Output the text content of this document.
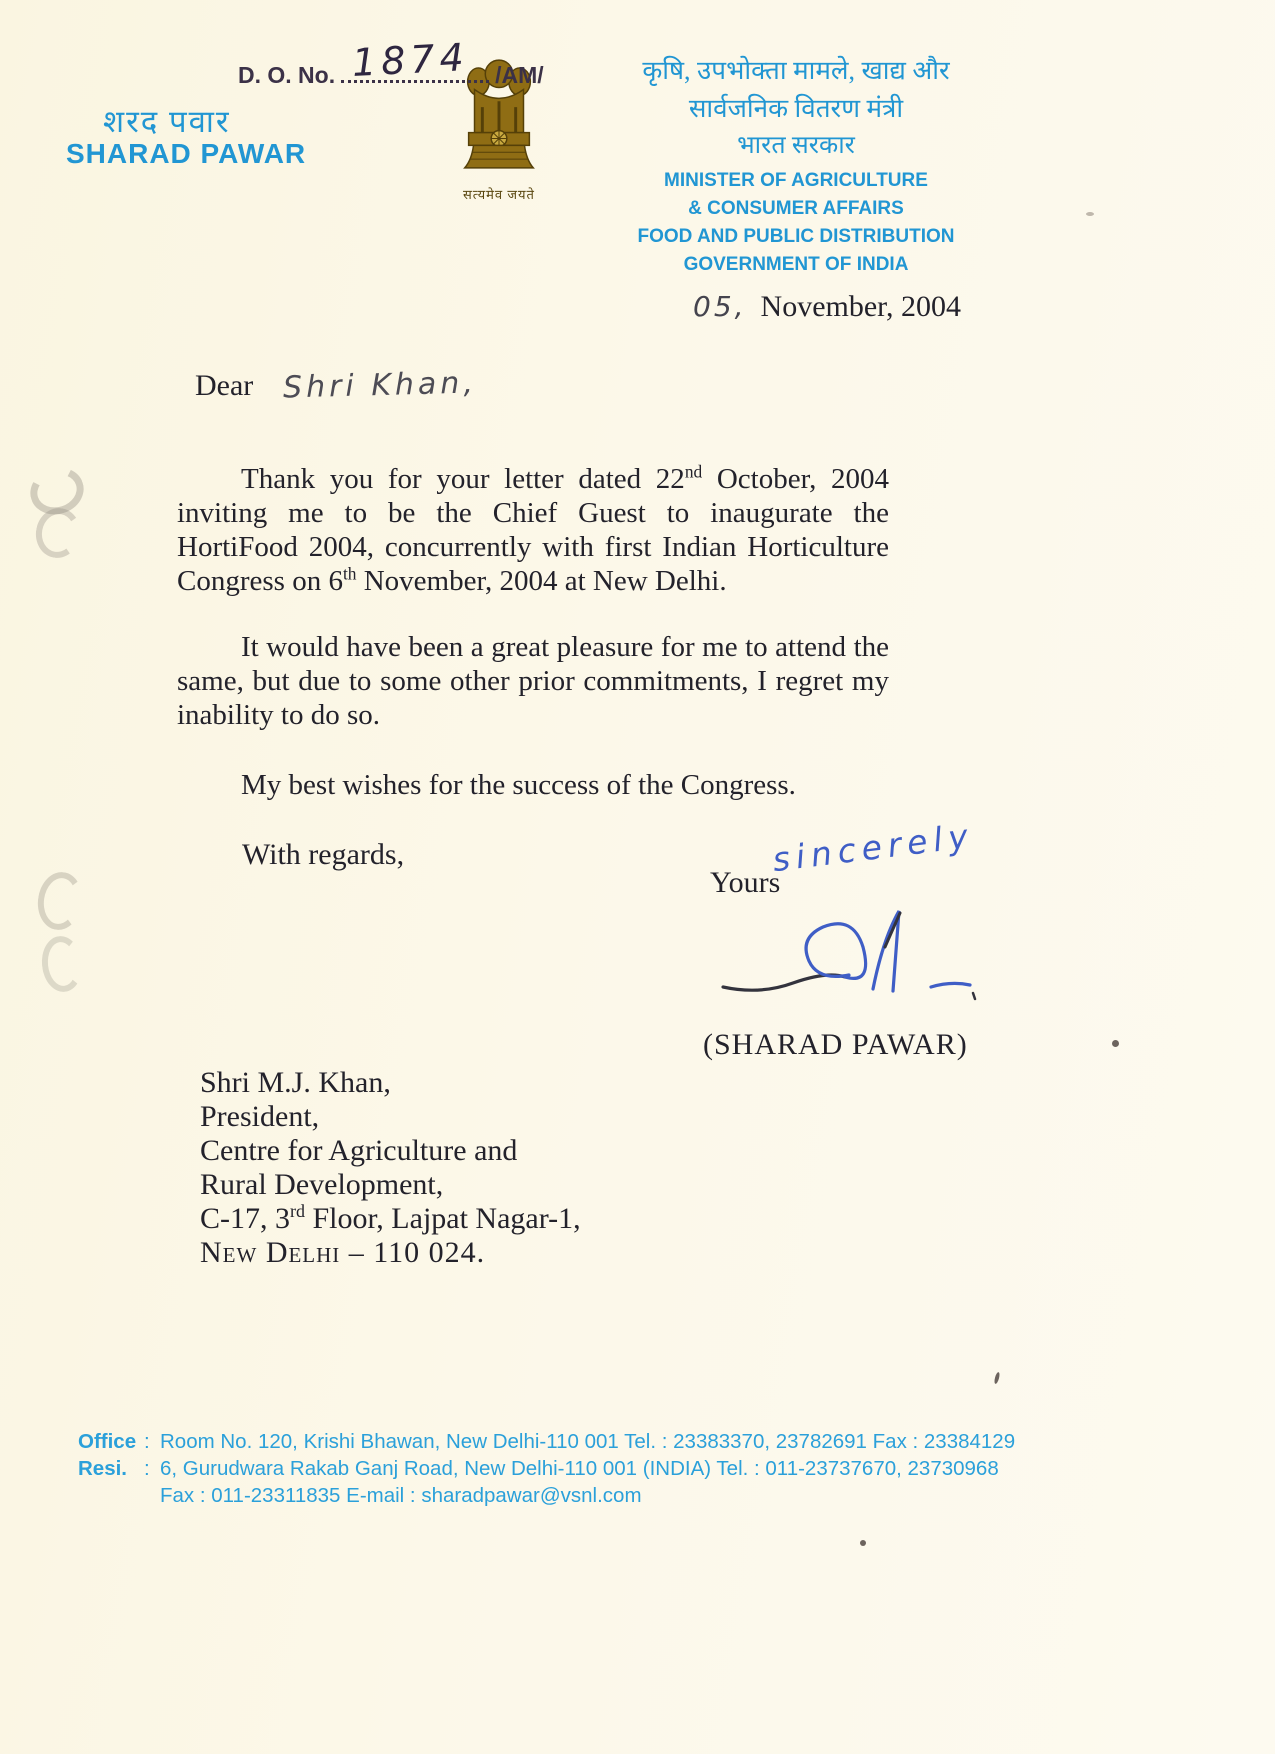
D. O. No.	/AM/
1874
शरद पवार
SHARAD PAWAR
सत्यमेव जयते
कृषि, उपभोक्ता मामले, खाद्य और
सार्वजनिक वितरण मंत्री
भारत सरकार
MINISTER OF AGRICULTURE
& CONSUMER AFFAIRS
FOOD AND PUBLIC DISTRIBUTION
GOVERNMENT OF INDIA
05, November, 2004
Dear Shri Khan,

Thank you for your letter dated 22nd October, 2004 inviting me to be the Chief Guest to inaugurate the HortiFood 2004, concurrently with first Indian Horticulture Congress on 6th November, 2004 at New Delhi.

It would have been a great pleasure for me to attend the same, but due to some other prior commitments, I regret my inability to do so.

My best wishes for the success of the Congress.

With regards,
Yours
sincerely
(SHARAD PAWAR)
Shri M.J. Khan,
President,
Centre for Agriculture and
Rural Development,
C-17, 3rd Floor, Lajpat Nagar-1,
New Delhi – 110 024.
Office : Room No. 120, Krishi Bhawan, New Delhi-110 001 Tel. : 23383370, 23782691 Fax : 23384129
Resi. : 6, Gurudwara Rakab Ganj Road, New Delhi-110 001 (INDIA) Tel. : 011-23737670, 23730968
Fax : 011-23311835 E-mail : sharadpawar@vsnl.com
